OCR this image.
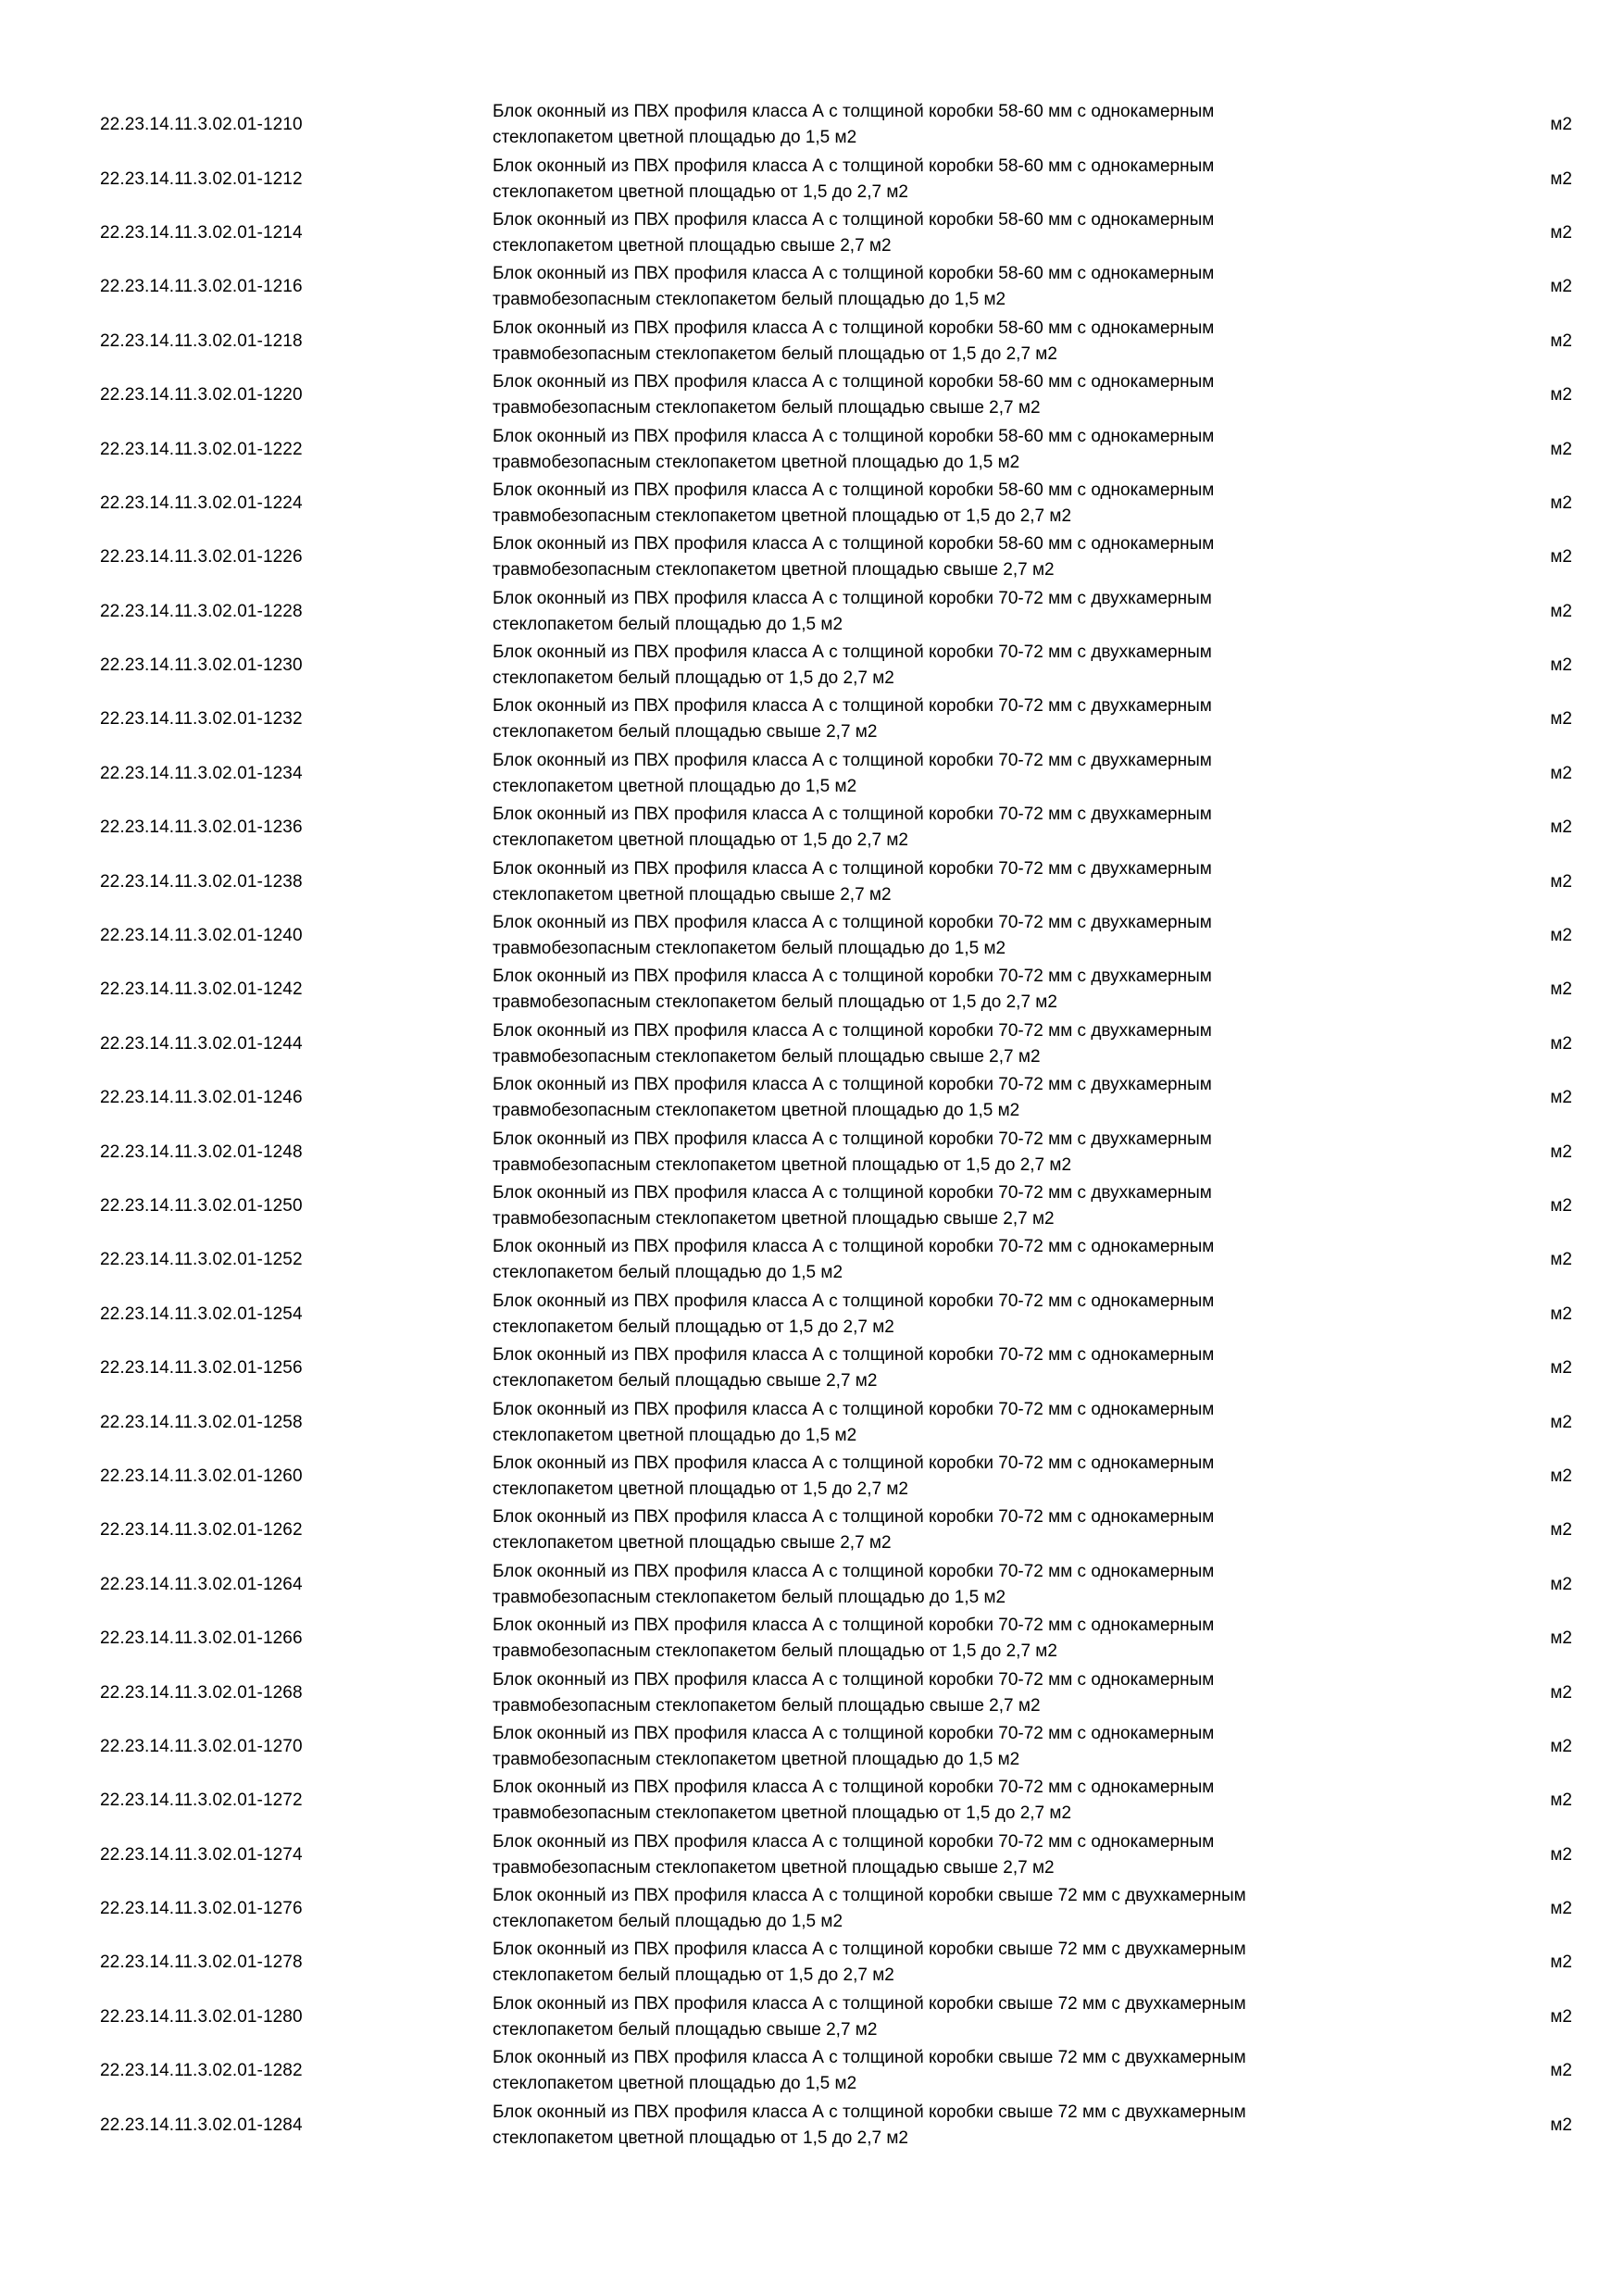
22.23.14.11.3.02.01-1210
Блок оконный из ПВХ профиля класса А с толщиной коробки 58-60 мм с однокамерным
стеклопакетом цветной площадью до 1,5 м2
м2
22.23.14.11.3.02.01-1212
Блок оконный из ПВХ профиля класса А с толщиной коробки 58-60 мм с однокамерным
стеклопакетом цветной площадью от 1,5 до 2,7 м2
м2
22.23.14.11.3.02.01-1214
Блок оконный из ПВХ профиля класса А с толщиной коробки 58-60 мм с однокамерным
стеклопакетом цветной площадью свыше 2,7 м2
м2
22.23.14.11.3.02.01-1216
Блок оконный из ПВХ профиля класса А с толщиной коробки 58-60 мм с однокамерным
травмобезопасным стеклопакетом белый площадью до 1,5 м2
м2
22.23.14.11.3.02.01-1218
Блок оконный из ПВХ профиля класса А с толщиной коробки 58-60 мм с однокамерным
травмобезопасным стеклопакетом белый площадью от 1,5 до 2,7 м2
м2
22.23.14.11.3.02.01-1220
Блок оконный из ПВХ профиля класса А с толщиной коробки 58-60 мм с однокамерным
травмобезопасным стеклопакетом белый площадью свыше 2,7 м2
м2
22.23.14.11.3.02.01-1222
Блок оконный из ПВХ профиля класса А с толщиной коробки 58-60 мм с однокамерным
травмобезопасным стеклопакетом цветной площадью до 1,5 м2
м2
22.23.14.11.3.02.01-1224
Блок оконный из ПВХ профиля класса А с толщиной коробки 58-60 мм с однокамерным
травмобезопасным стеклопакетом цветной площадью от 1,5 до 2,7 м2
м2
22.23.14.11.3.02.01-1226
Блок оконный из ПВХ профиля класса А с толщиной коробки 58-60 мм с однокамерным
травмобезопасным стеклопакетом цветной площадью свыше 2,7 м2
м2
22.23.14.11.3.02.01-1228
Блок оконный из ПВХ профиля класса А с толщиной коробки 70-72 мм с двухкамерным
стеклопакетом белый площадью до 1,5 м2
м2
22.23.14.11.3.02.01-1230
Блок оконный из ПВХ профиля класса А с толщиной коробки 70-72 мм с двухкамерным
стеклопакетом белый площадью от 1,5 до 2,7 м2
м2
22.23.14.11.3.02.01-1232
Блок оконный из ПВХ профиля класса А с толщиной коробки 70-72 мм с двухкамерным
стеклопакетом белый площадью свыше 2,7 м2
м2
22.23.14.11.3.02.01-1234
Блок оконный из ПВХ профиля класса А с толщиной коробки 70-72 мм с двухкамерным
стеклопакетом цветной площадью до 1,5 м2
м2
22.23.14.11.3.02.01-1236
Блок оконный из ПВХ профиля класса А с толщиной коробки 70-72 мм с двухкамерным
стеклопакетом цветной площадью от 1,5 до 2,7 м2
м2
22.23.14.11.3.02.01-1238
Блок оконный из ПВХ профиля класса А с толщиной коробки 70-72 мм с двухкамерным
стеклопакетом цветной площадью свыше 2,7 м2
м2
22.23.14.11.3.02.01-1240
Блок оконный из ПВХ профиля класса А с толщиной коробки 70-72 мм с двухкамерным
травмобезопасным стеклопакетом белый площадью до 1,5 м2
м2
22.23.14.11.3.02.01-1242
Блок оконный из ПВХ профиля класса А с толщиной коробки 70-72 мм с двухкамерным
травмобезопасным стеклопакетом белый площадью от 1,5 до 2,7 м2
м2
22.23.14.11.3.02.01-1244
Блок оконный из ПВХ профиля класса А с толщиной коробки 70-72 мм с двухкамерным
травмобезопасным стеклопакетом белый площадью свыше 2,7 м2
м2
22.23.14.11.3.02.01-1246
Блок оконный из ПВХ профиля класса А с толщиной коробки 70-72 мм с двухкамерным
травмобезопасным стеклопакетом цветной площадью до 1,5 м2
м2
22.23.14.11.3.02.01-1248
Блок оконный из ПВХ профиля класса А с толщиной коробки 70-72 мм с двухкамерным
травмобезопасным стеклопакетом цветной площадью от 1,5 до 2,7 м2
м2
22.23.14.11.3.02.01-1250
Блок оконный из ПВХ профиля класса А с толщиной коробки 70-72 мм с двухкамерным
травмобезопасным стеклопакетом цветной площадью свыше 2,7 м2
м2
22.23.14.11.3.02.01-1252
Блок оконный из ПВХ профиля класса А с толщиной коробки 70-72 мм с однокамерным
стеклопакетом белый площадью до 1,5 м2
м2
22.23.14.11.3.02.01-1254
Блок оконный из ПВХ профиля класса А с толщиной коробки 70-72 мм с однокамерным
стеклопакетом белый площадью от 1,5 до 2,7 м2
м2
22.23.14.11.3.02.01-1256
Блок оконный из ПВХ профиля класса А с толщиной коробки 70-72 мм с однокамерным
стеклопакетом белый площадью свыше 2,7 м2
м2
22.23.14.11.3.02.01-1258
Блок оконный из ПВХ профиля класса А с толщиной коробки 70-72 мм с однокамерным
стеклопакетом цветной площадью до 1,5 м2
м2
22.23.14.11.3.02.01-1260
Блок оконный из ПВХ профиля класса А с толщиной коробки 70-72 мм с однокамерным
стеклопакетом цветной площадью от 1,5 до 2,7 м2
м2
22.23.14.11.3.02.01-1262
Блок оконный из ПВХ профиля класса А с толщиной коробки 70-72 мм с однокамерным
стеклопакетом цветной площадью свыше 2,7 м2
м2
22.23.14.11.3.02.01-1264
Блок оконный из ПВХ профиля класса А с толщиной коробки 70-72 мм с однокамерным
травмобезопасным стеклопакетом белый площадью до 1,5 м2
м2
22.23.14.11.3.02.01-1266
Блок оконный из ПВХ профиля класса А с толщиной коробки 70-72 мм с однокамерным
травмобезопасным стеклопакетом белый площадью от 1,5 до 2,7 м2
м2
22.23.14.11.3.02.01-1268
Блок оконный из ПВХ профиля класса А с толщиной коробки 70-72 мм с однокамерным
травмобезопасным стеклопакетом белый площадью свыше 2,7 м2
м2
22.23.14.11.3.02.01-1270
Блок оконный из ПВХ профиля класса А с толщиной коробки 70-72 мм с однокамерным
травмобезопасным стеклопакетом цветной площадью до 1,5 м2
м2
22.23.14.11.3.02.01-1272
Блок оконный из ПВХ профиля класса А с толщиной коробки 70-72 мм с однокамерным
травмобезопасным стеклопакетом цветной площадью от 1,5 до 2,7 м2
м2
22.23.14.11.3.02.01-1274
Блок оконный из ПВХ профиля класса А с толщиной коробки 70-72 мм с однокамерным
травмобезопасным стеклопакетом цветной площадью свыше 2,7 м2
м2
22.23.14.11.3.02.01-1276
Блок оконный из ПВХ профиля класса А с толщиной коробки свыше 72 мм с двухкамерным
стеклопакетом белый площадью до 1,5 м2
м2
22.23.14.11.3.02.01-1278
Блок оконный из ПВХ профиля класса А с толщиной коробки свыше 72 мм с двухкамерным
стеклопакетом белый площадью от 1,5 до 2,7 м2
м2
22.23.14.11.3.02.01-1280
Блок оконный из ПВХ профиля класса А с толщиной коробки свыше 72 мм с двухкамерным
стеклопакетом белый площадью свыше 2,7 м2
м2
22.23.14.11.3.02.01-1282
Блок оконный из ПВХ профиля класса А с толщиной коробки свыше 72 мм с двухкамерным
стеклопакетом цветной площадью до 1,5 м2
м2
22.23.14.11.3.02.01-1284
Блок оконный из ПВХ профиля класса А с толщиной коробки свыше 72 мм с двухкамерным
стеклопакетом цветной площадью от 1,5 до 2,7 м2
м2
